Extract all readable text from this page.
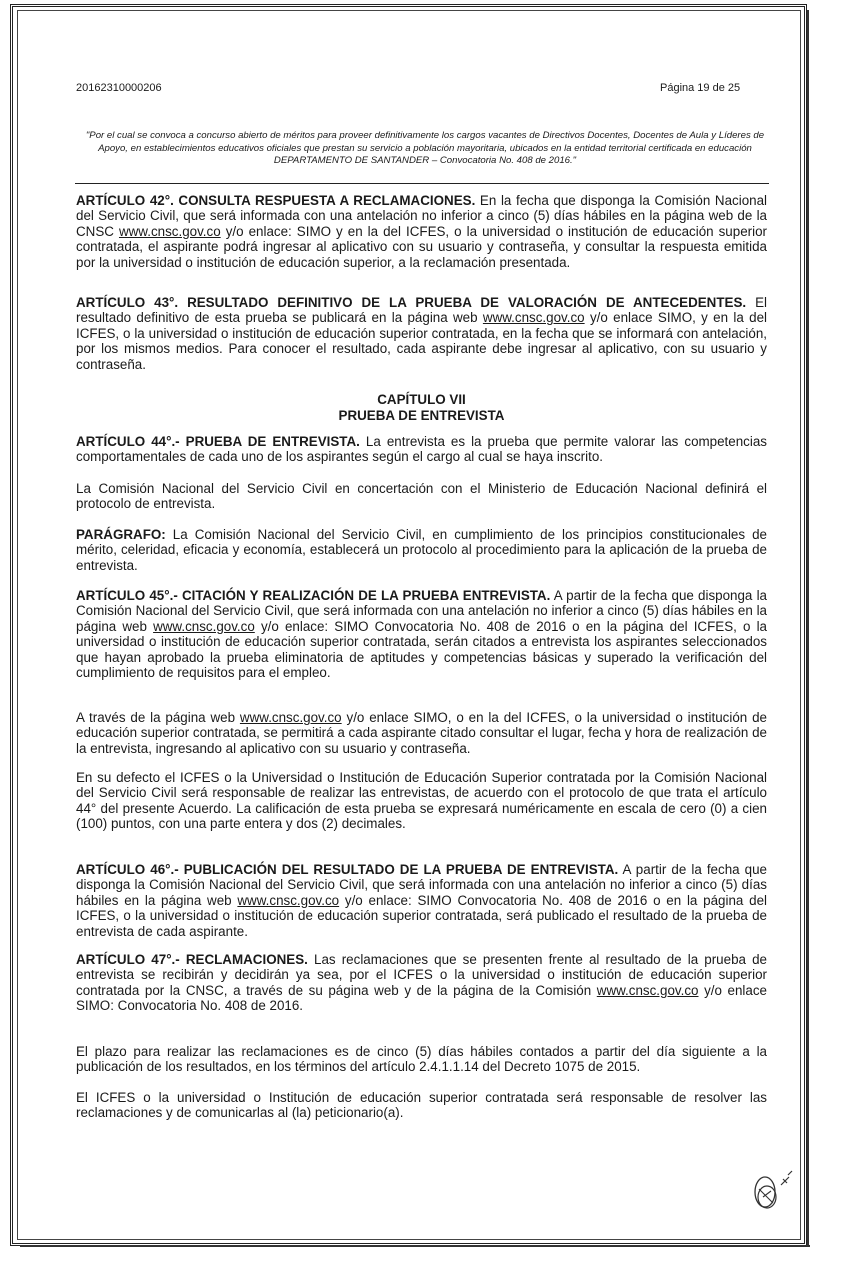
20162310000206	Página 19 de 25
"Por el cual se convoca a concurso abierto de méritos para proveer definitivamente los cargos vacantes de Directivos Docentes, Docentes de Aula y Líderes de Apoyo, en establecimientos educativos oficiales que prestan su servicio a población mayoritaria, ubicados en la entidad territorial certificada en educación DEPARTAMENTO DE SANTANDER – Convocatoria No. 408 de 2016."
ARTÍCULO 42°. CONSULTA RESPUESTA A RECLAMACIONES. En la fecha que disponga la Comisión Nacional del Servicio Civil, que será informada con una antelación no inferior a cinco (5) días hábiles en la página web de la CNSC www.cnsc.gov.co y/o enlace: SIMO y en la del ICFES, o la universidad o institución de educación superior contratada, el aspirante podrá ingresar al aplicativo con su usuario y contraseña, y consultar la respuesta emitida por la universidad o institución de educación superior, a la reclamación presentada.
ARTÍCULO 43°. RESULTADO DEFINITIVO DE LA PRUEBA DE VALORACIÓN DE ANTECEDENTES. El resultado definitivo de esta prueba se publicará en la página web www.cnsc.gov.co y/o enlace SIMO, y en la del ICFES, o la universidad o institución de educación superior contratada, en la fecha que se informará con antelación, por los mismos medios. Para conocer el resultado, cada aspirante debe ingresar al aplicativo, con su usuario y contraseña.
CAPÍTULO VII
PRUEBA DE ENTREVISTA
ARTÍCULO 44°.- PRUEBA DE ENTREVISTA. La entrevista es la prueba que permite valorar las competencias comportamentales de cada uno de los aspirantes según el cargo al cual se haya inscrito.
La Comisión Nacional del Servicio Civil en concertación con el Ministerio de Educación Nacional definirá el protocolo de entrevista.
PARÁGRAFO: La Comisión Nacional del Servicio Civil, en cumplimiento de los principios constitucionales de mérito, celeridad, eficacia y economía, establecerá un protocolo al procedimiento para la aplicación de la prueba de entrevista.
ARTÍCULO 45°.- CITACIÓN Y REALIZACIÓN DE LA PRUEBA ENTREVISTA. A partir de la fecha que disponga la Comisión Nacional del Servicio Civil, que será informada con una antelación no inferior a cinco (5) días hábiles en la página web www.cnsc.gov.co y/o enlace: SIMO Convocatoria No. 408 de 2016 o en la página del ICFES, o la universidad o institución de educación superior contratada, serán citados a entrevista los aspirantes seleccionados que hayan aprobado la prueba eliminatoria de aptitudes y competencias básicas y superado la verificación del cumplimiento de requisitos para el empleo.
A través de la página web www.cnsc.gov.co y/o enlace SIMO, o en la del ICFES, o la universidad o institución de educación superior contratada, se permitirá a cada aspirante citado consultar el lugar, fecha y hora de realización de la entrevista, ingresando al aplicativo con su usuario y contraseña.
En su defecto el ICFES o la Universidad o Institución de Educación Superior contratada por la Comisión Nacional del Servicio Civil será responsable de realizar las entrevistas, de acuerdo con el protocolo de que trata el artículo 44° del presente Acuerdo. La calificación de esta prueba se expresará numéricamente en escala de cero (0) a cien (100) puntos, con una parte entera y dos (2) decimales.
ARTÍCULO 46°.- PUBLICACIÓN DEL RESULTADO DE LA PRUEBA DE ENTREVISTA. A partir de la fecha que disponga la Comisión Nacional del Servicio Civil, que será informada con una antelación no inferior a cinco (5) días hábiles en la página web www.cnsc.gov.co y/o enlace: SIMO Convocatoria No. 408 de 2016 o en la página del ICFES, o la universidad o institución de educación superior contratada, será publicado el resultado de la prueba de entrevista de cada aspirante.
ARTÍCULO 47°.- RECLAMACIONES. Las reclamaciones que se presenten frente al resultado de la prueba de entrevista se recibirán y decidirán ya sea, por el ICFES o la universidad o institución de educación superior contratada por la CNSC, a través de su página web y de la página de la Comisión www.cnsc.gov.co y/o enlace SIMO: Convocatoria No. 408 de 2016.
El plazo para realizar las reclamaciones es de cinco (5) días hábiles contados a partir del día siguiente a la publicación de los resultados, en los términos del artículo 2.4.1.1.14 del Decreto 1075 de 2015.
El ICFES o la universidad o Institución de educación superior contratada será responsable de resolver las reclamaciones y de comunicarlas al (la) peticionario(a).
